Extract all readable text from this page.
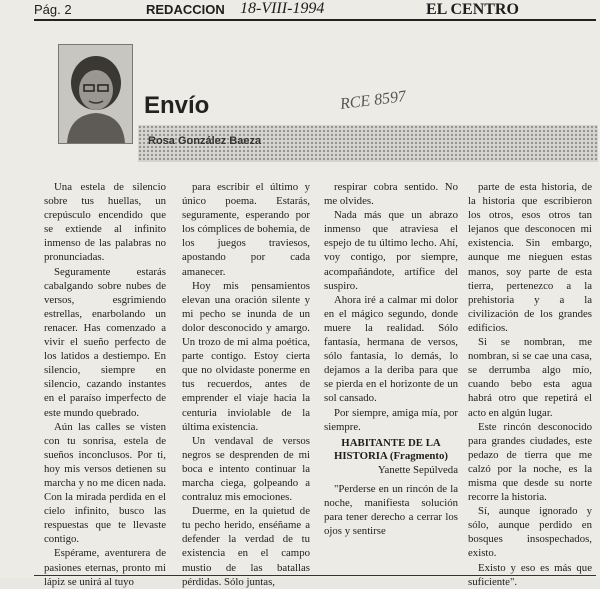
Pág. 2	REDACCION 18-VIII-1994	EL CENTRO
Envío	RCE 8597
Rosa González Baeza

Una estela de silencio sobre tus huellas, un crepúsculo encendido que se extiende al infinito inmenso de las palabras no pronunciadas.

Seguramente estarás cabalgando sobre nubes de versos, esgrimiendo estrellas, enarbolando un renacer. Has comenzado a vivir el sueño perfecto de los latidos a destiempo. En silencio, siempre en silencio, cazando instantes en el paraíso imperfecto de este mundo quebrado.

Aún las calles se visten con tu sonrisa, estela de sueños inconclusos. Por ti, hoy mis versos detienen su marcha y no me dicen nada. Con la mirada perdida en el cielo infinito, busco las respuestas que te llevaste contigo.

Espérame, aventurera de pasiones eternas, pronto mi lápiz se unirá al tuyo

para escribir el último y único poema. Estarás, seguramente, esperando por los cómplices de bohemia, de los juegos traviesos, apostando por cada amanecer.

Hoy mis pensamientos elevan una oración silente y mi pecho se inunda de un dolor desconocido y amargo. Un trozo de mi alma poética, parte contigo. Estoy cierta que no olvidaste ponerme en tus recuerdos, antes de emprender el viaje hacia la centuria inviolable de la última existencia.

Un vendaval de versos negros se desprenden de mi boca e intento continuar la marcha ciega, golpeando a contraluz mis emociones.

Duerme, en la quietud de tu pecho herido, enséñame a defender la verdad de tu existencia en el campo mustio de las batallas pérdidas. Sólo juntas,

respirar cobra sentido. No me olvides.

Nada más que un abrazo inmenso que atraviesa el espejo de tu último lecho. Ahí, voy contigo, por siempre, acompañándote, artífice del suspiro.

Ahora iré a calmar mi dolor en el mágico segundo, donde muere la realidad. Sólo fantasía, hermana de versos, sólo fantasía, lo demás, lo dejamos a la deriba para que se pierda en el horizonte de un sol cansado.

Por siempre, amiga mía, por siempre.

HABITANTE DE LA
HISTORIA (Fragmento)
Yanette Sepúlveda

"Perderse en un rincón de la noche, manifiesta solución para tener derecho a cerrar los ojos y sentirse

parte de esta historia, de la historia que escribieron los otros, esos otros tan lejanos que desconocen mi existencia. Sin embargo, aunque me nieguen estas manos, soy parte de esta tierra, pertenezco a la prehistoria y a la civilización de los grandes edificios.

Si se nombran, me nombran, si se cae una casa, se derrumba algo mío, cuando bebo esta agua habrá otro que repetirá el acto en algún lugar.

Este rincón desconocido para grandes ciudades, este pedazo de tierra que me calzó por la noche, es la misma que desde su norte recorre la historia.

Sí, aunque ignorado y sólo, aunque perdido en bosques insospechados, existo.

Existo y eso es más que suficiente".
